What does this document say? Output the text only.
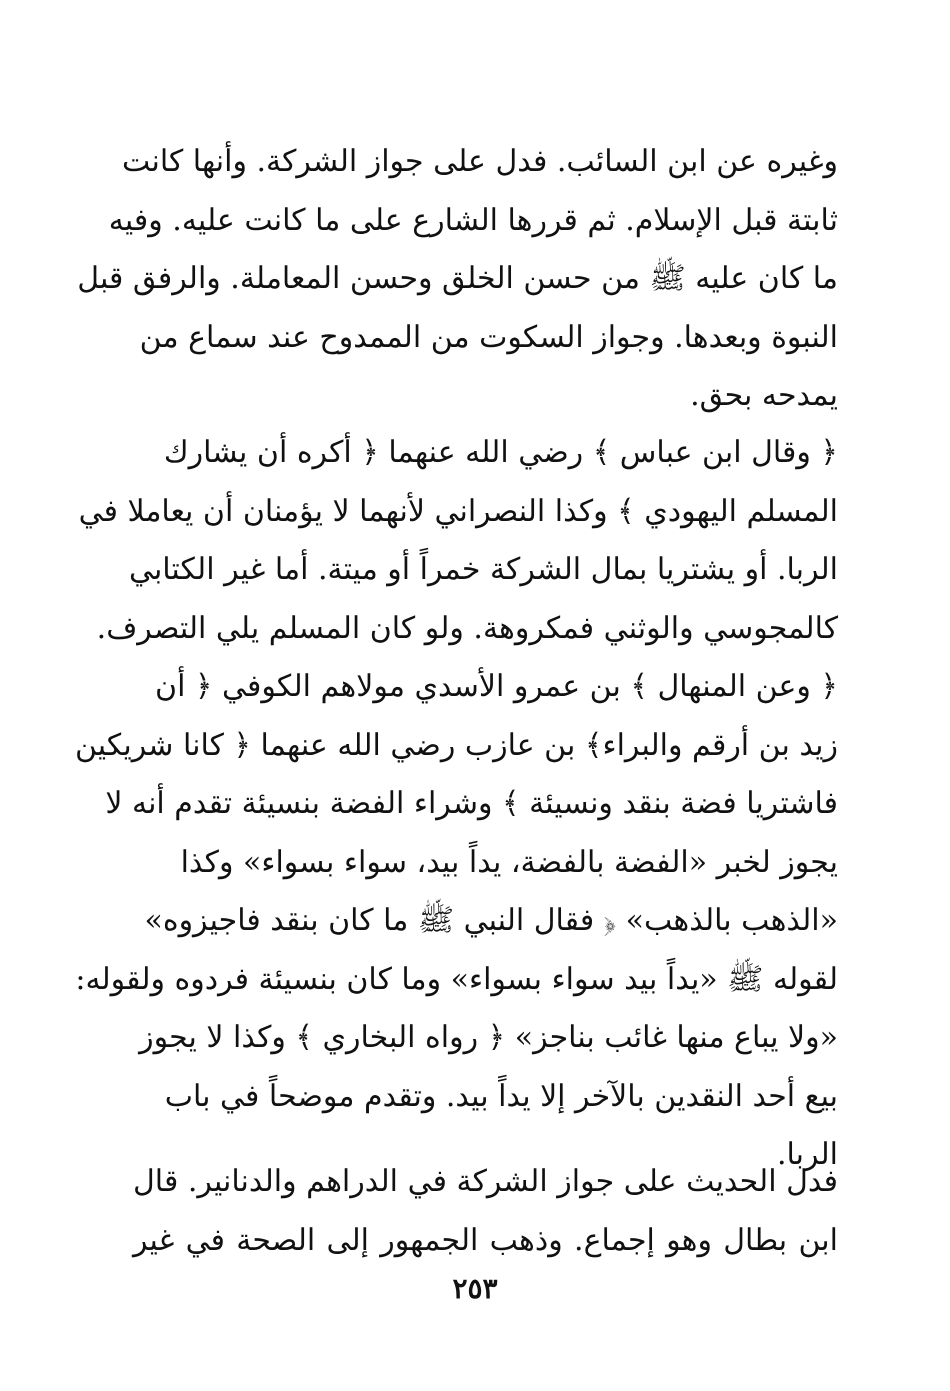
وغيره عن ابن السائب. فدل على جواز الشركة. وأنها كانت
ثابتة قبل الإسلام. ثم قررها الشارع على ما كانت عليه. وفيه
ما كان عليه ﷺ من حسن الخلق وحسن المعاملة. والرفق قبل
النبوة وبعدها. وجواز السكوت من الممدوح عند سماع من
يمدحه بحق.

﴿ وقال ابن عباس ﴾ رضي الله عنهما ﴿ أكره أن يشارك
المسلم اليهودي ﴾ وكذا النصراني لأنهما لا يؤمنان أن يعاملا في
الربا. أو يشتريا بمال الشركة خمراً أو ميتة. أما غير الكتابي
كالمجوسي والوثني فمكروهة. ولو كان المسلم يلي التصرف.

﴿ وعن المنهال ﴾ بن عمرو الأسدي مولاهم الكوفي ﴿ أن
زيد بن أرقم والبراء﴾ بن عازب رضي الله عنهما ﴿ كانا شريكين
فاشتريا فضة بنقد ونسيئة ﴾ وشراء الفضة بنسيئة تقدم أنه لا
يجوز لخبر «الفضة بالفضة، يداً بيد، سواء بسواء» وكذا
«الذهب بالذهب» ﴿ فقال النبي ﷺ ما كان بنقد فاجيزوه»
لقوله ﷺ «يداً بيد سواء بسواء» وما كان بنسيئة فردوه ولقوله:
«ولا يباع منها غائب بناجز» ﴿ رواه البخاري ﴾ وكذا لا يجوز
بيع أحد النقدين بالآخر إلا يداً بيد. وتقدم موضحاً في باب
الربا.

فدل الحديث على جواز الشركة في الدراهم والدنانير. قال
ابن بطال وهو إجماع. وذهب الجمهور إلى الصحة في غير

٢٥٣
